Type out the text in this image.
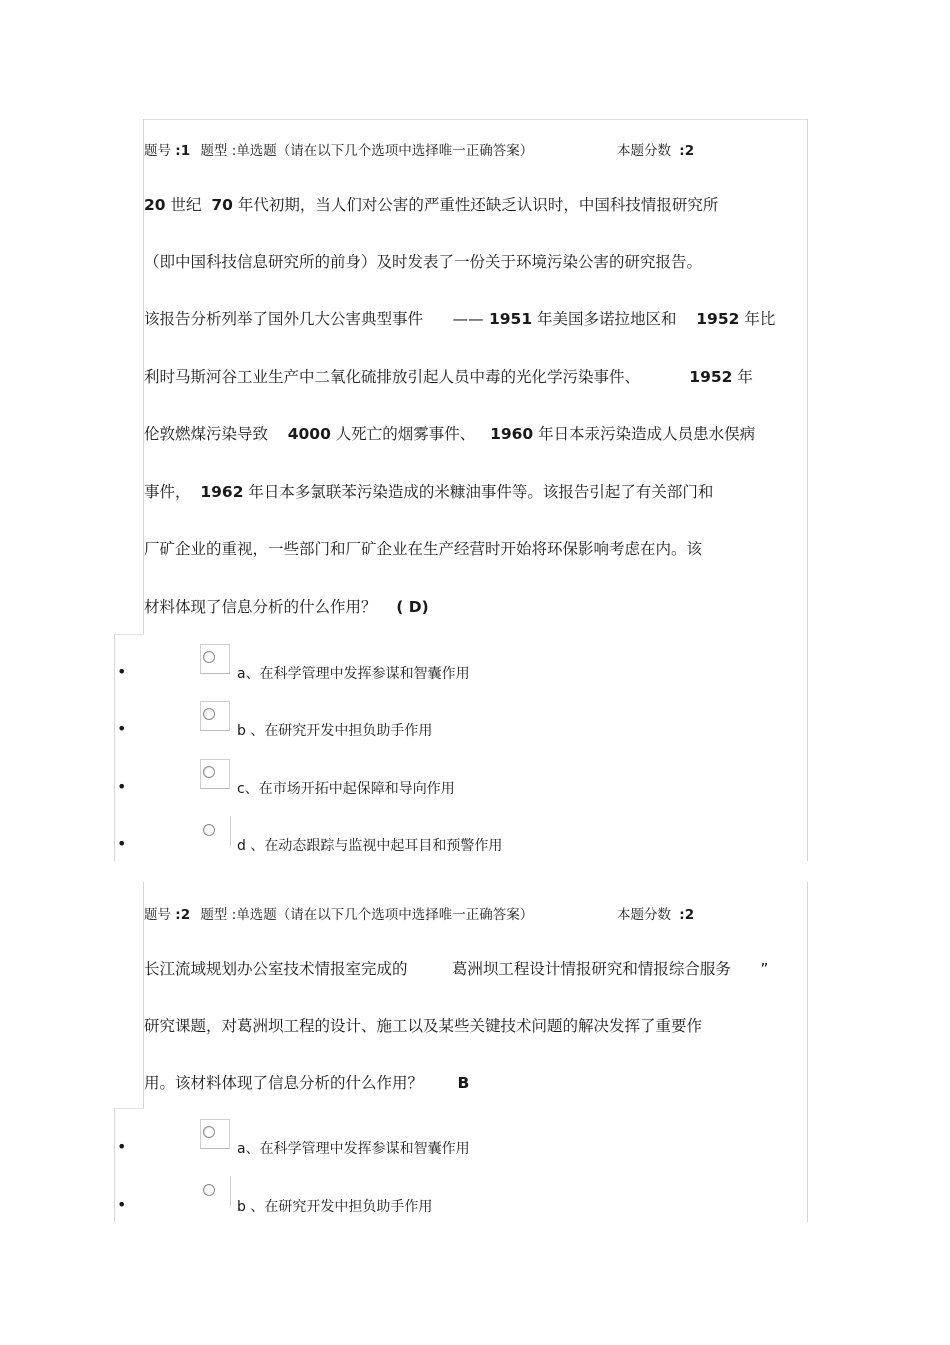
题号 :1 题型 :单选题（请在以下几个选项中选择唯一正确答案）	本题分数 :2
20 世纪  70 年代初期，当人们对公害的严重性还缺乏认识时，中国科技情报研究所
（即中国科技信息研究所的前身）及时发表了一份关于环境污染公害的研究报告。
该报告分析列举了国外几大公害典型事件      —— 1951 年美国多诺拉地区和    1952 年比
利时马斯河谷工业生产中二氧化硫排放引起人员中毒的光化学污染事件、          1952 年
伦敦燃煤污染导致    4000 人死亡的烟雾事件、   1960 年日本汞污染造成人员患水俣病
事件，  1962 年日本多氯联苯污染造成的米糠油事件等。该报告引起了有关部门和
厂矿企业的重视，一些部门和厂矿企业在生产经营时开始将环保影响考虑在内。该
材料体现了信息分析的什么作用？    ( D)
•	a、在科学管理中发挥参谋和智囊作用
•	b 、在研究开发中担负助手作用
•	c、在市场开拓中起保障和导向作用
•	d 、在动态跟踪与监视中起耳目和预警作用
题号 :2 题型 :单选题（请在以下几个选项中选择唯一正确答案）	本题分数 :2
长江流域规划办公室技术情报室完成的         葛洲坝工程设计情报研究和情报综合服务      ”
研究课题，对葛洲坝工程的设计、施工以及某些关键技术问题的解决发挥了重要作
用。该材料体现了信息分析的什么作用？       B
•	a、在科学管理中发挥参谋和智囊作用
•	b 、在研究开发中担负助手作用
